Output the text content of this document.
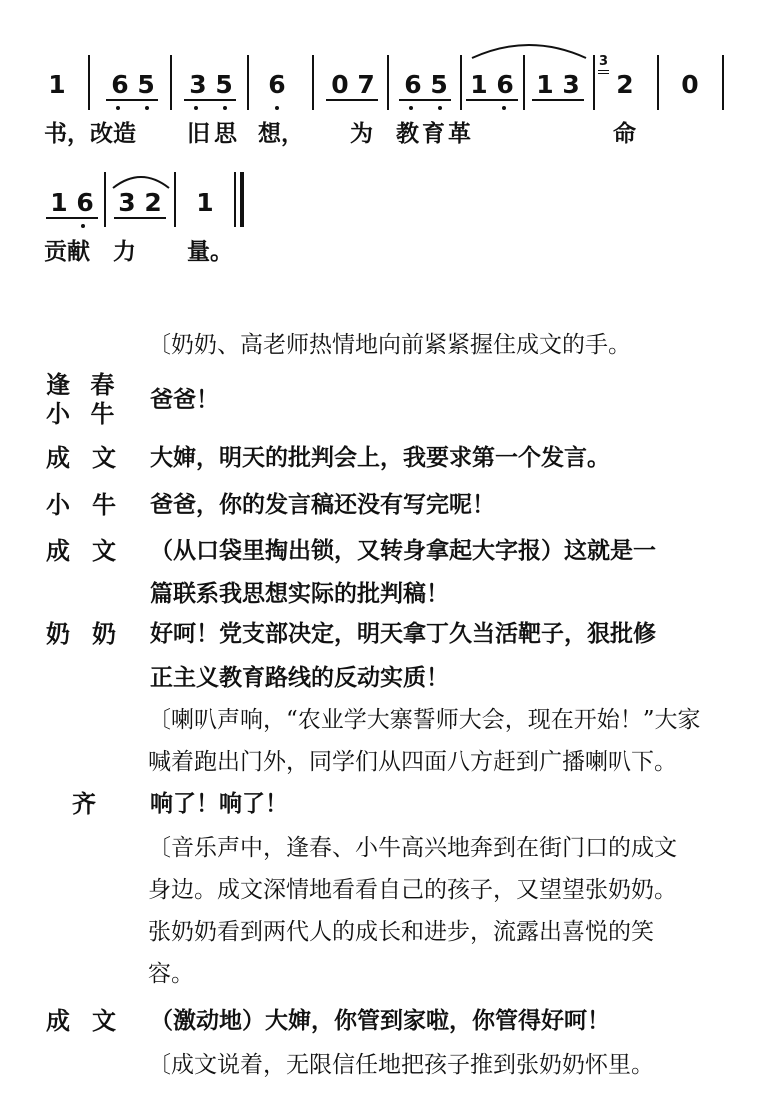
1 6 5 3 5 6 0 7 6 5 1 6 1 3
3
2 0
书，改造 旧思 想， 为 教育革	命
1 6 3 2 1
贡献 力 量。
〔奶奶、高老师热情地向前紧紧握住成文的手。
逢 春
小 牛 爸爸！
成文 大婶，明天的批判会上，我要求第一个发言。
小牛 爸爸，你的发言稿还没有写完呢！
成文 （从口袋里掏出锁，又转身拿起大字报）这就是一
篇联系我思想实际的批判稿！
奶奶 好呵！党支部决定，明天拿丁久当活靶子，狠批修
正主义教育路线的反动实质！
〔喇叭声响，“农业学大寨誓师大会，现在开始！”大家
喊着跑出门外，同学们从四面八方赶到广播喇叭下。
齐 响了！响了！
〔音乐声中，逢春、小牛高兴地奔到在街门口的成文
身边。成文深情地看看自己的孩子，又望望张奶奶。
张奶奶看到两代人的成长和进步，流露出喜悦的笑
容。
成文 （激动地）大婶，你管到家啦，你管得好呵！
〔成文说着，无限信任地把孩子推到张奶奶怀里。
